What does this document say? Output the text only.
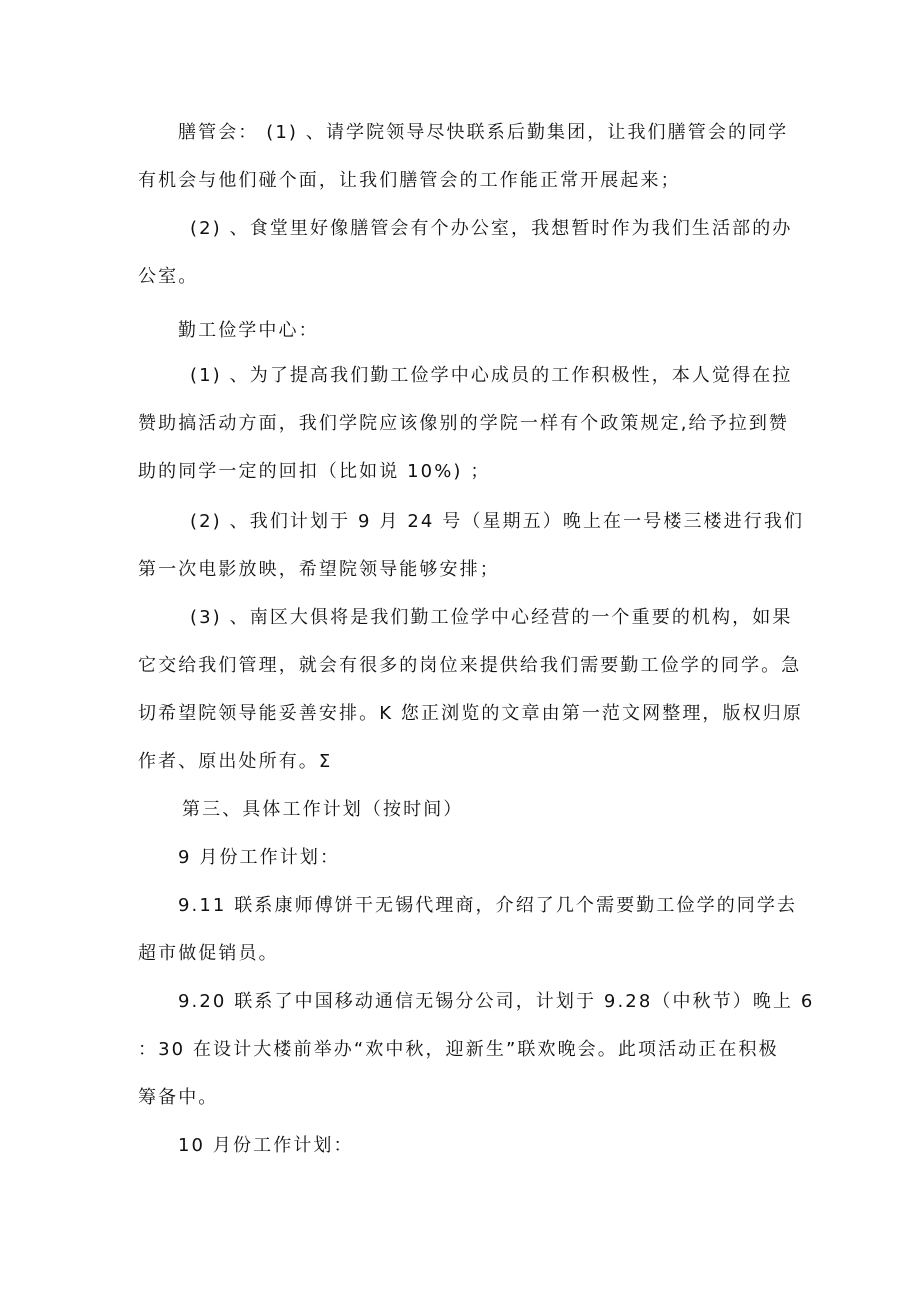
膳管会： (1) 、请学院领导尽快联系后勤集团，让我们膳管会的同学
有机会与他们碰个面，让我们膳管会的工作能正常开展起来；
(2) 、食堂里好像膳管会有个办公室，我想暂时作为我们生活部的办
公室。
勤工俭学中心：
(1) 、为了提高我们勤工俭学中心成员的工作积极性，本人觉得在拉
赞助搞活动方面，我们学院应该像别的学院一样有个政策规定,给予拉到赞
助的同学一定的回扣（比如说 10%) ；
(2) 、我们计划于 9 月 24 号（星期五）晚上在一号楼三楼进行我们
第一次电影放映，希望院领导能够安排；
(3) 、南区大俱将是我们勤工俭学中心经营的一个重要的机构，如果
它交给我们管理，就会有很多的岗位来提供给我们需要勤工俭学的同学。急
切希望院领导能妥善安排。K 您正浏览的文章由第一范文网整理，版权归原
作者、原出处所有。Σ
第三、具体工作计划（按时间）
9 月份工作计划：
9.11 联系康师傅饼干无锡代理商，介绍了几个需要勤工俭学的同学去
超市做促销员。
9.20 联系了中国移动通信无锡分公司，计划于 9.28（中秋节）晚上 6
：30 在设计大楼前举办“欢中秋，迎新生”联欢晚会。此项活动正在积极
筹备中。
10 月份工作计划：
